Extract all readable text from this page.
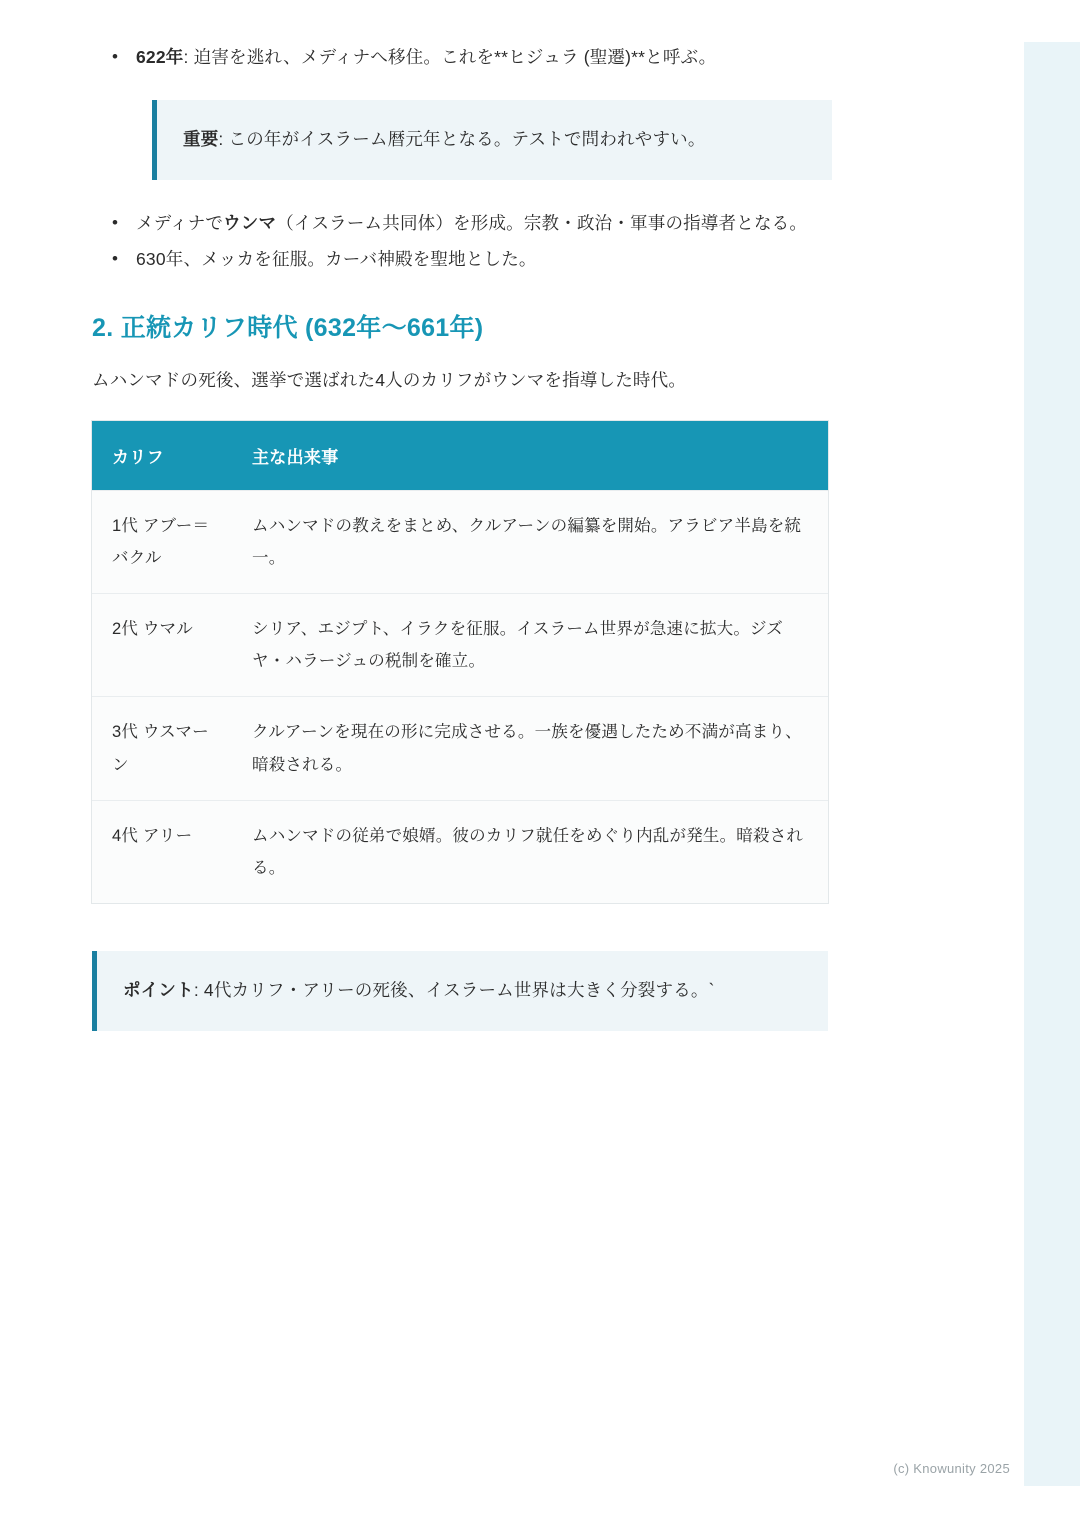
• 622年: 迫害を逃れ、メディナへ移住。これを**ヒジュラ (聖遷)**と呼ぶ。
重要: この年がイスラーム暦元年となる。テストで問われやすい。
• メディナでウンマ（イスラーム共同体）を形成。宗教・政治・軍事の指導者となる。
• 630年、メッカを征服。カーバ神殿を聖地とした。
2. 正統カリフ時代 (632年〜661年)

ムハンマドの死後、選挙で選ばれた4人のカリフがウンマを指導した時代。

カリフ	主な出来事
1代 アブー＝バクル	ムハンマドの教えをまとめ、クルアーンの編纂を開始。アラビア半島を統一。
2代 ウマル	シリア、エジプト、イラクを征服。イスラーム世界が急速に拡大。ジズヤ・ハラージュの税制を確立。
3代 ウスマーン	クルアーンを現在の形に完成させる。一族を優遇したため不満が高まり、暗殺される。
4代 アリー	ムハンマドの従弟で娘婿。彼のカリフ就任をめぐり内乱が発生。暗殺される。
ポイント: 4代カリフ・アリーの死後、イスラーム世界は大きく分裂する。`
(c) Knowunity 2025
